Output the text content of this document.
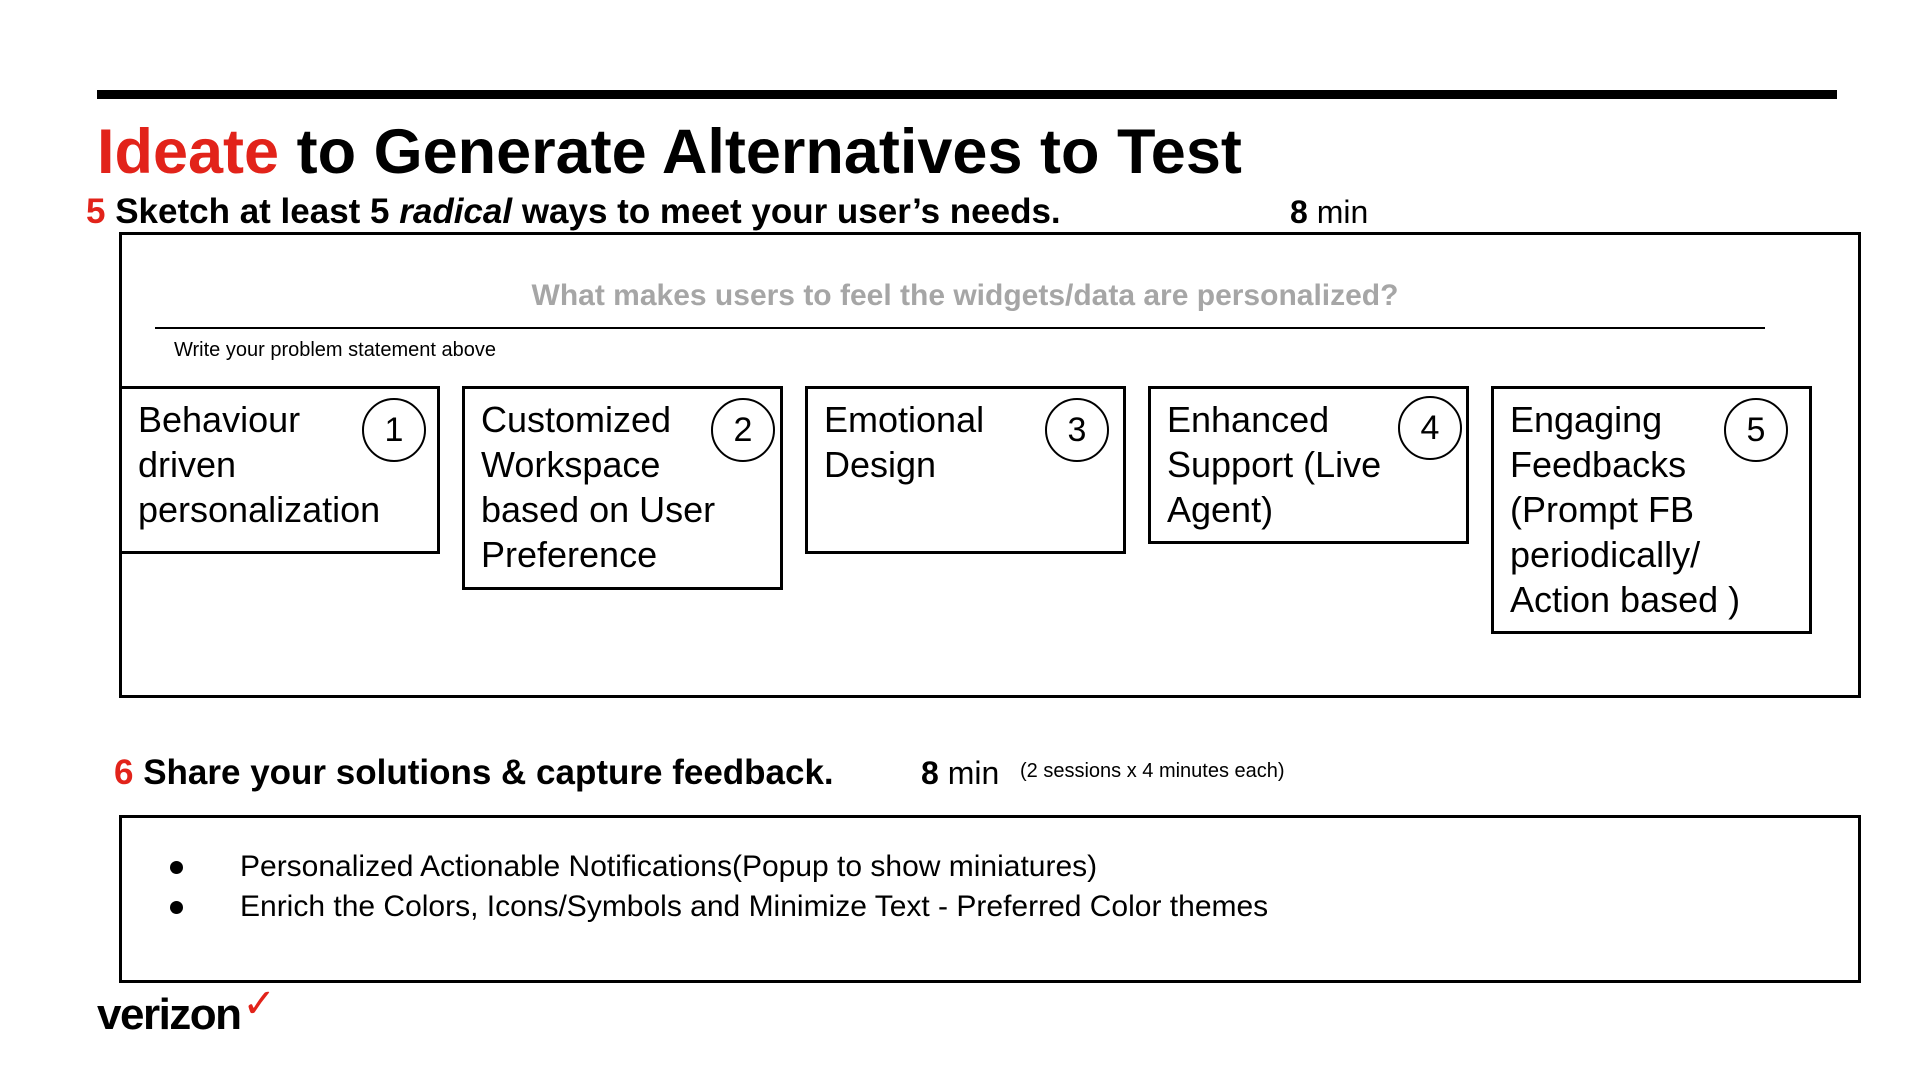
Ideate to Generate Alternatives to Test
5 Sketch at least 5 radical ways to meet your user’s needs.	8 min
What makes users to feel the widgets/data are personalized?
Write your problem statement above
Behaviour driven personalization
1	Customized Workspace based on User Preference
2	Emotional Design
3	Enhanced Support (Live Agent)
4	Engaging Feedbacks (Prompt FB periodically/ Action based )
5
6 Share your solutions & capture feedback.	8 min (2 sessions x 4 minutes each)
Personalized Actionable Notifications(Popup to show miniatures)
Enrich the Colors, Icons/Symbols and Minimize Text - Preferred Color themes
verizon✓
